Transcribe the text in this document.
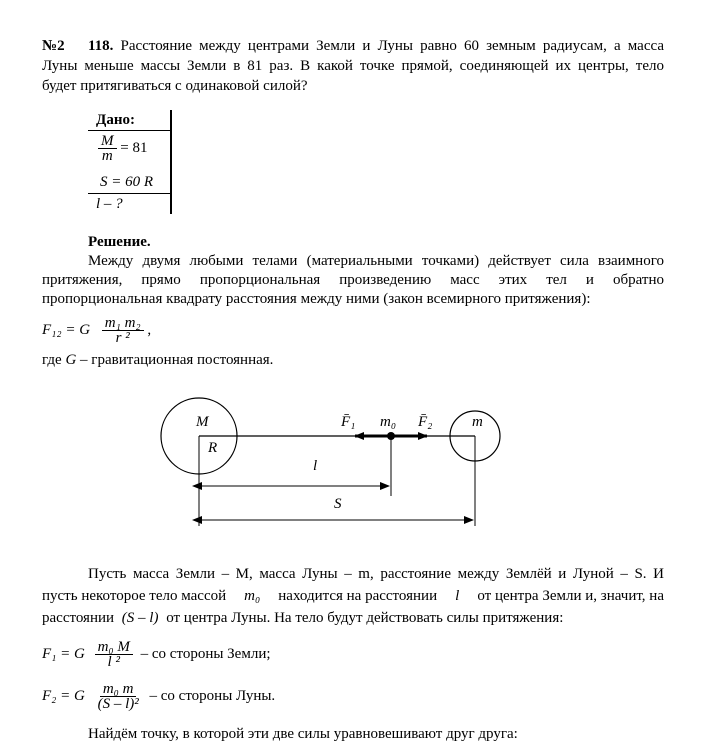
№2 118. Расстояние между центрами Земли и Луны равно 60 земным радиусам, а масса
Луны меньше массы Земли в 81 раз. В какой точке прямой, соединяющей их центры, тело
будет притягиваться с одинаковой силой?
Дано:
$\frac{M}{m} = 81$
S = 60 R
l – ?
Решение.
Между двумя любыми телами (материальными точками) действует сила взаимного
притяжения, прямо пропорциональная произведению масс этих тел и обратно
пропорциональная квадрату расстояния между ними (закон всемирного притяжения):
F₁₂ = G $\frac{\text{m₁ m₂}}{\text{r ²}}$ ,
где G – гравитационная постоянная.
M
R
m
F̄₁ m₀ F̄₂
l
S
Пусть масса Земли – M, масса Луны – m, расстояние между Землёй и Луной – S. И
пусть некоторое тело массой m₀ находится на расстоянии l от центра Земли и, значит, на
расстоянии (S – l) от центра Луны. На тело будут действовать силы притяжения:
F₁ = G $\frac{\text{m₀ M}}{\text{l ²}}$ – со стороны Земли;
F₂ = G $\frac{\text{m₀ m}}{\text{(S – l)²}}$ – со стороны Луны.
Найдём точку, в которой эти две силы уравновешивают друг друга:
